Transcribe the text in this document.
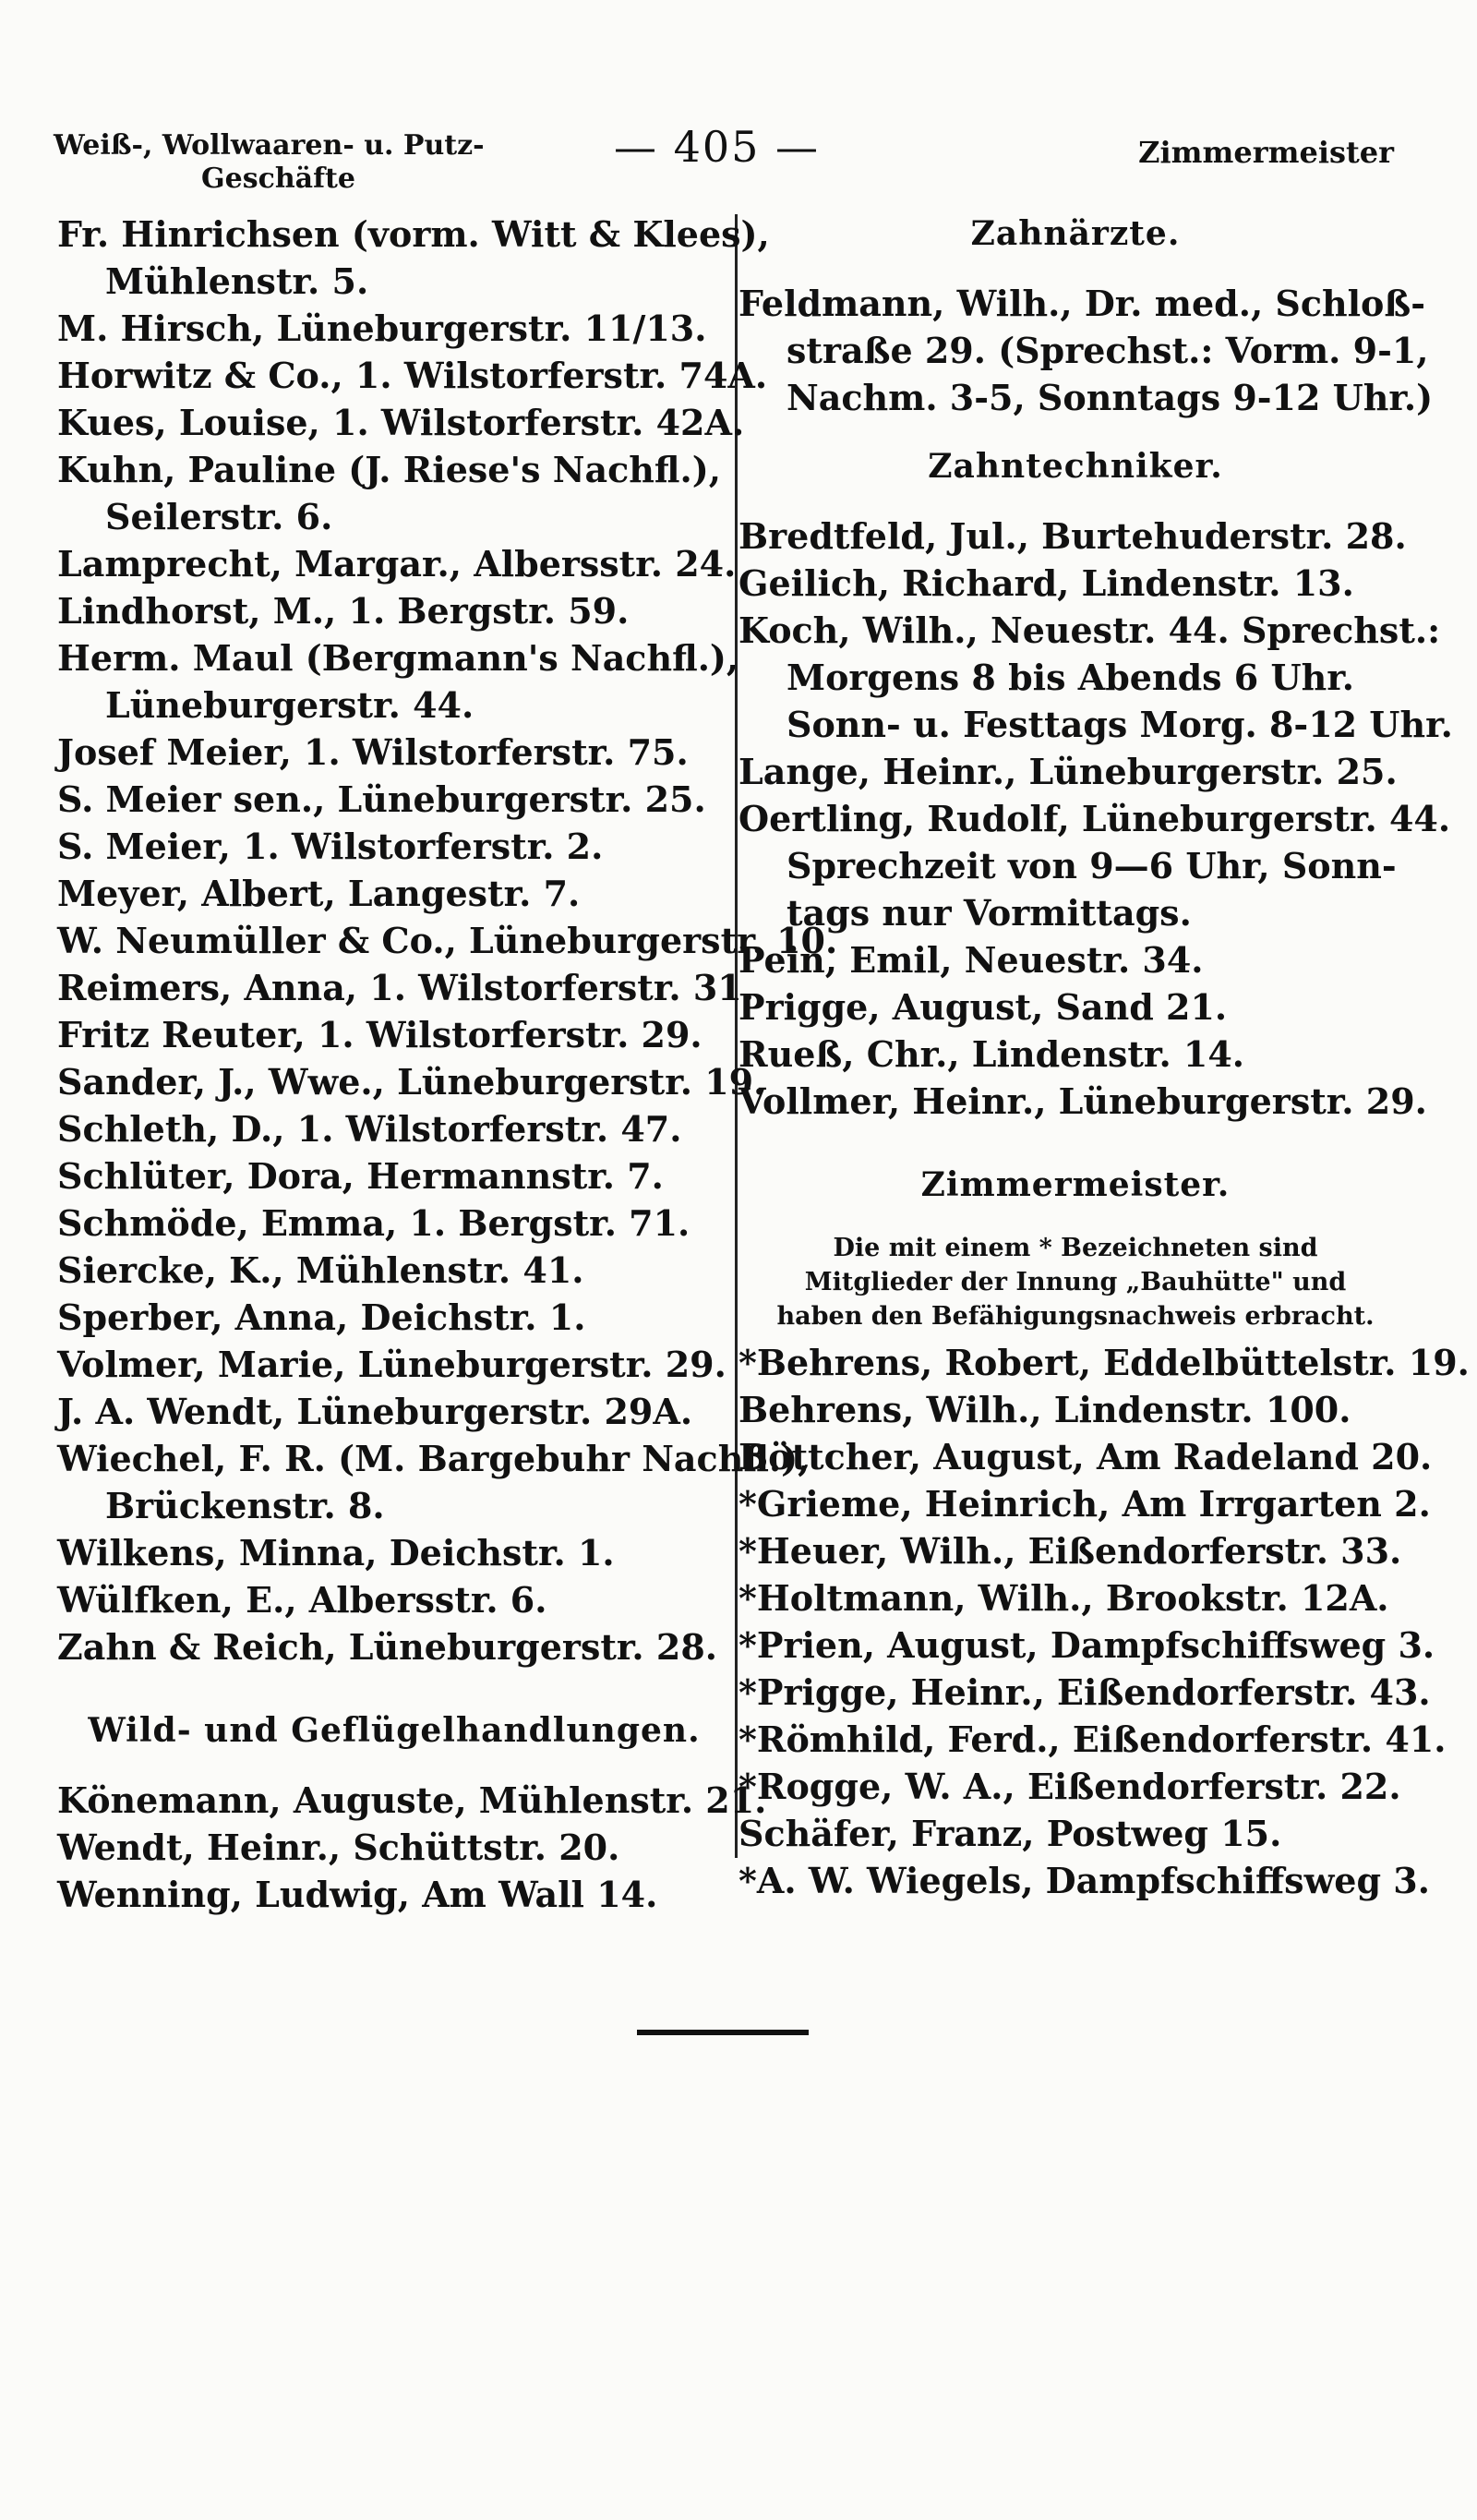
Weiß-, Wollwaaren- u. Putz-
Geschäfte
— 405 —	Zimmermeister
Fr. Hinrichsen (vorm. Witt & Klees),
Mühlenstr. 5.
M. Hirsch, Lüneburgerstr. 11/13.
Horwitz & Co., 1. Wilstorferstr. 74A.
Kues, Louise, 1. Wilstorferstr. 42A.
Kuhn, Pauline (J. Riese's Nachfl.),
Seilerstr. 6.
Lamprecht, Margar., Albersstr. 24.
Lindhorst, M., 1. Bergstr. 59.
Herm. Maul (Bergmann's Nachfl.),
Lüneburgerstr. 44.
Josef Meier, 1. Wilstorferstr. 75.
S. Meier sen., Lüneburgerstr. 25.
S. Meier, 1. Wilstorferstr. 2.
Meyer, Albert, Langestr. 7.
W. Neumüller & Co., Lüneburgerstr. 10.
Reimers, Anna, 1. Wilstorferstr. 31.
Fritz Reuter, 1. Wilstorferstr. 29.
Sander, J., Wwe., Lüneburgerstr. 19.
Schleth, D., 1. Wilstorferstr. 47.
Schlüter, Dora, Hermannstr. 7.
Schmöde, Emma, 1. Bergstr. 71.
Siercke, K., Mühlenstr. 41.
Sperber, Anna, Deichstr. 1.
Volmer, Marie, Lüneburgerstr. 29.
J. A. Wendt, Lüneburgerstr. 29A.
Wiechel, F. R. (M. Bargebuhr Nachfl.),
Brückenstr. 8.
Wilkens, Minna, Deichstr. 1.
Wülfken, E., Albersstr. 6.
Zahn & Reich, Lüneburgerstr. 28.
Wild- und Geflügelhandlungen.
Könemann, Auguste, Mühlenstr. 21.
Wendt, Heinr., Schüttstr. 20.
Wenning, Ludwig, Am Wall 14.
Zahnärzte.
Feldmann, Wilh., Dr. med., Schloß-
straße 29. (Sprechst.: Vorm. 9-1,
Nachm. 3-5, Sonntags 9-12 Uhr.)
Zahntechniker.
Bredtfeld, Jul., Burtehuderstr. 28.
Geilich, Richard, Lindenstr. 13.
Koch, Wilh., Neuestr. 44. Sprechst.:
Morgens 8 bis Abends 6 Uhr.
Sonn- u. Festtags Morg. 8-12 Uhr.
Lange, Heinr., Lüneburgerstr. 25.
Oertling, Rudolf, Lüneburgerstr. 44.
Sprechzeit von 9—6 Uhr, Sonn-
tags nur Vormittags.
Pein, Emil, Neuestr. 34.
Prigge, August, Sand 21.
Rueß, Chr., Lindenstr. 14.
Vollmer, Heinr., Lüneburgerstr. 29.
Zimmermeister.
Die mit einem * Bezeichneten sind
Mitglieder der Innung „Bauhütte" und
haben den Befähigungsnachweis erbracht.
*Behrens, Robert, Eddelbüttelstr. 19.
Behrens, Wilh., Lindenstr. 100.
Böttcher, August, Am Radeland 20.
*Grieme, Heinrich, Am Irrgarten 2.
*Heuer, Wilh., Eißendorferstr. 33.
*Holtmann, Wilh., Brookstr. 12A.
*Prien, August, Dampfschiffsweg 3.
*Prigge, Heinr., Eißendorferstr. 43.
*Römhild, Ferd., Eißendorferstr. 41.
*Rogge, W. A., Eißendorferstr. 22.
Schäfer, Franz, Postweg 15.
*A. W. Wiegels, Dampfschiffsweg 3.
